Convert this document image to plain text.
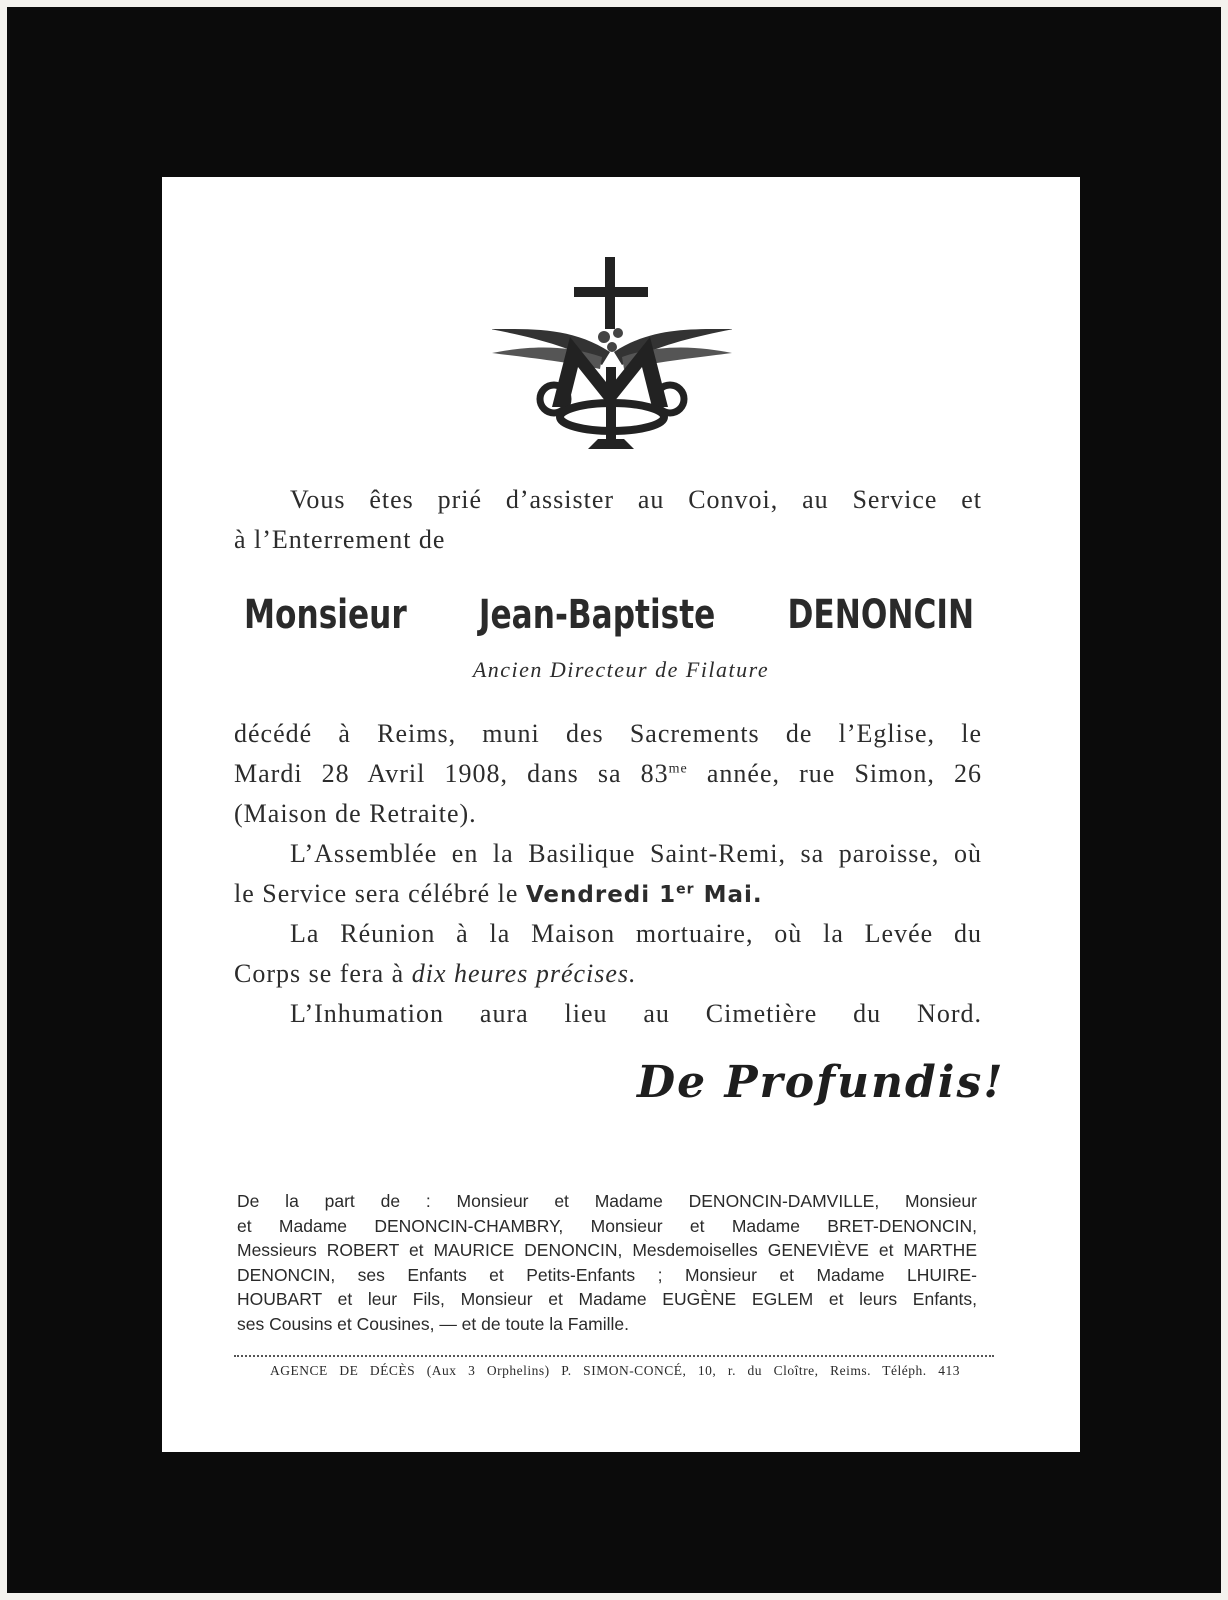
Vous êtes prié d’assister au Convoi, au Service et
à l’Enterrement de
Monsieur Jean-Baptiste DENONCIN
Ancien Directeur de Filature
décédé à Reims, muni des Sacrements de l’Eglise, le
Mardi 28 Avril 1908, dans sa $83^{me}$ année, rue Simon, 26
(Maison de Retraite).
L’Assemblée en la Basilique Saint-Remi, sa paroisse, où
le Service sera célébré le Vendredi 1er Mai.
La Réunion à la Maison mortuaire, où la Levée du
Corps se fera à dix heures précises.
L’Inhumation aura lieu au Cimetière du Nord.
De Profundis!
De la part de : Monsieur et Madame DENONCIN-DAMVILLE, Monsieur
et Madame DENONCIN-CHAMBRY, Monsieur et Madame BRET-DENONCIN,
Messieurs ROBERT et MAURICE DENONCIN, Mesdemoiselles GENEVIÈVE et MARTHE
DENONCIN, ses Enfants et Petits-Enfants ; Monsieur et Madame LHUIRE-
HOUBART et leur Fils, Monsieur et Madame EUGÈNE EGLEM et leurs Enfants,
ses Cousins et Cousines, — et de toute la Famille.
AGENCE DE DÉCÈS (Aux 3 Orphelins) P. SIMON-CONCÉ, 10, r. du Cloître, Reims. Téléph. 413
